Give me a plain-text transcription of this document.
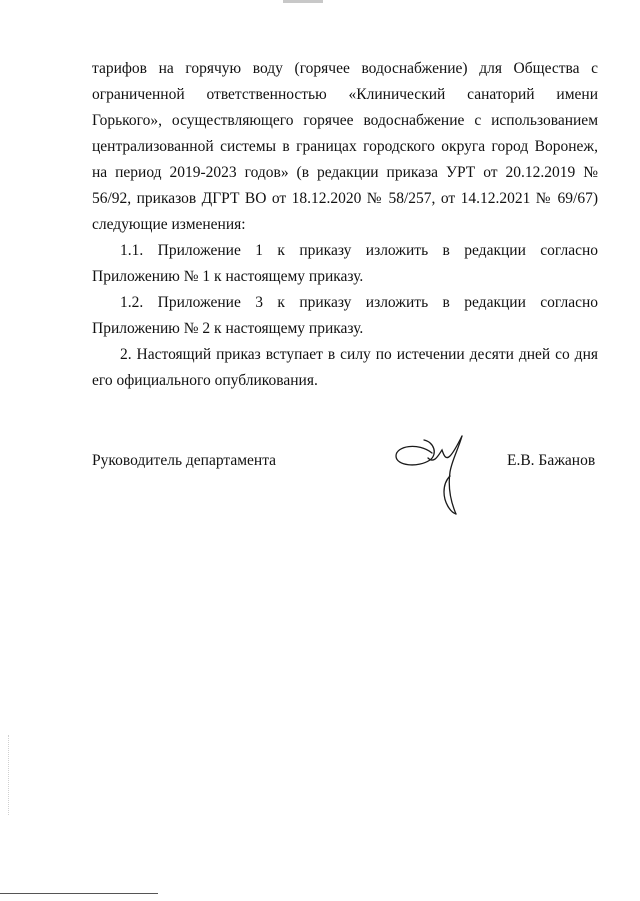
тарифов на горячую воду (горячее водоснабжение) для Общества с ограниченной ответственностью «Клинический санаторий имени Горького», осуществляющего горячее водоснабжение с использованием централизованной системы в границах городского округа город Воронеж, на период 2019-2023 годов» (в редакции приказа УРТ от 20.12.2019 № 56/92, приказов ДГРТ ВО от 18.12.2020 № 58/257, от 14.12.2021 № 69/67) следующие изменения:

1.1. Приложение 1 к приказу изложить в редакции согласно Приложению № 1 к настоящему приказу.

1.2. Приложение 3 к приказу изложить в редакции согласно Приложению № 2 к настоящему приказу.

2. Настоящий приказ вступает в силу по истечении десяти дней со дня его официального опубликования.

Руководитель департамента	Е.В. Бажанов
